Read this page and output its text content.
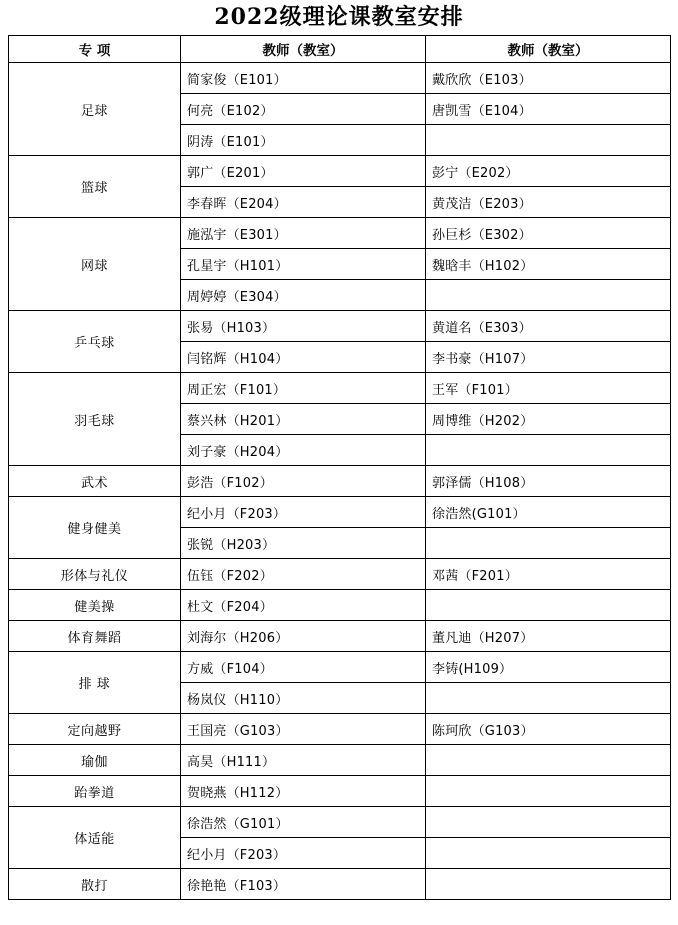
2022级理论课教室安排
专 项	教师（教室）	教师（教室）
足球	简家俊（E101）	戴欣欣（E103）
	何亮（E102）	唐凯雪（E104）
	阴涛（E101）	
篮球	郭广（E201）	彭宁（E202）
	李春晖（E204）	黄茂洁（E203）
网球	施泓宇（E301）	孙巨杉（E302）
	孔星宇（H101）	魏晗丰（H102）
	周婷婷（E304）	
乒乓球	张易（H103）	黄道名（E303）
	闫铭辉（H104）	李书豪（H107）
羽毛球	周正宏（F101）	王军（F101）
	蔡兴林（H201）	周博维（H202）
	刘子豪（H204）	
武术	彭浩（F102）	郭泽儒（H108）
健身健美	纪小月（F203）	徐浩然(G101）
	张锐（H203）	
形体与礼仪	伍钰（F202）	邓茜（F201）
健美操	杜文（F204）	
体育舞蹈	刘海尔（H206）	董凡迪（H207）
排 球	方威（F104）	李铸(H109）
	杨岚仪（H110）	
定向越野	王国亮（G103）	陈珂欣（G103）
瑜伽	高昊（H111）	
跆拳道	贺晓燕（H112）	
体适能	徐浩然（G101）	
	纪小月（F203）	
散打	徐艳艳（F103）	
